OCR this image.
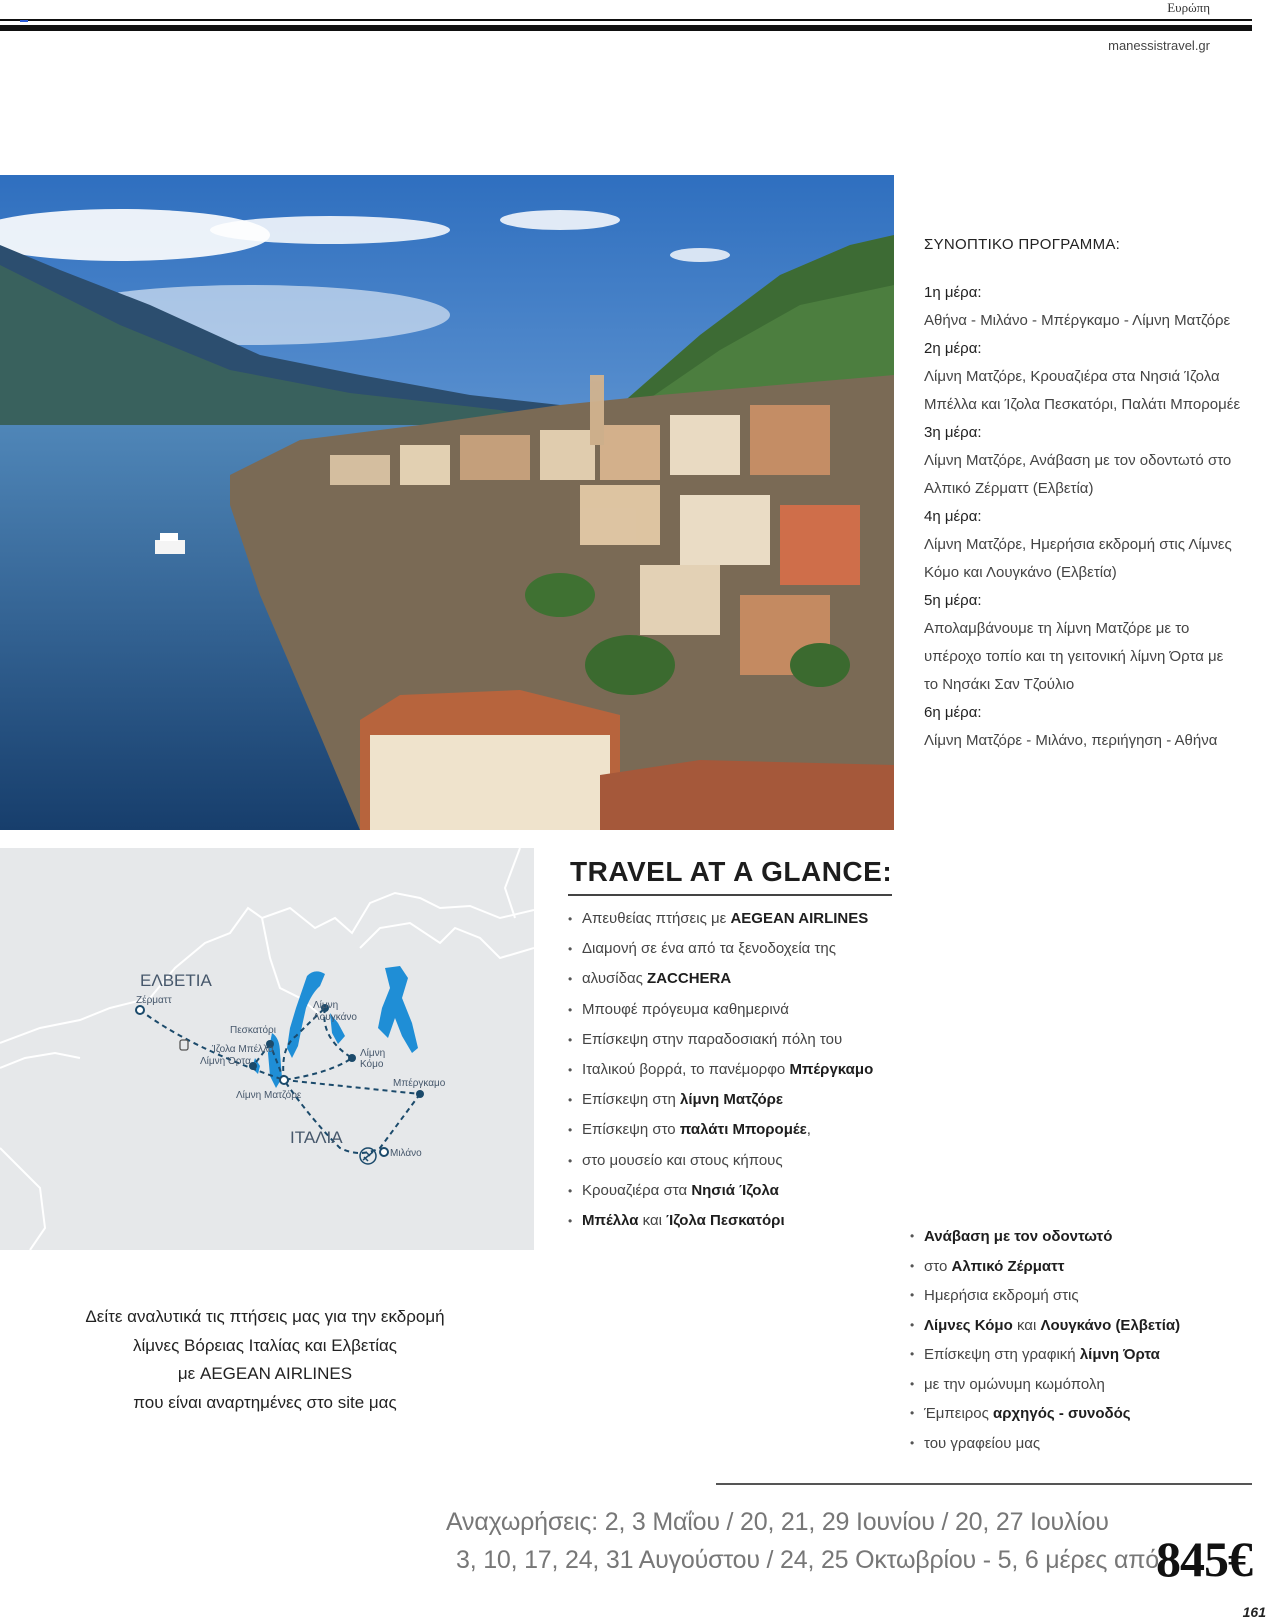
Ευρώπη
manessistravel.gr
ΣΥΝΟΠΤΙΚΟ ΠΡΟΓΡΑΜΜΑ:
1η μέρα:
Αθήνα - Μιλάνο - Μπέργκαμο - Λίμνη Ματζόρε
2η μέρα:
Λίμνη Ματζόρε, Κρουαζιέρα στα Νησιά Ίζολα
Μπέλλα και Ίζολα Πεσκατόρι, Παλάτι Μπορομέε
3η μέρα:
Λίμνη Ματζόρε, Ανάβαση με τον οδοντωτό στο
Αλπικό Ζέρματτ (Ελβετία)
4η μέρα:
Λίμνη Ματζόρε, Ημερήσια εκδρομή στις Λίμνες
Κόμο και Λουγκάνο (Ελβετία)
5η μέρα:
Απολαμβάνουμε τη λίμνη Ματζόρε με το
υπέροχο τοπίο και τη γειτονική λίμνη Όρτα με
το Νησάκι Σαν Τζούλιο
6η μέρα:
Λίμνη Ματζόρε - Μιλάνο, περιήγηση - Αθήνα
ΕΛΒΕΤΙΑ
ΙΤΑΛΙΑ
Ζέρματτ
Πεσκατόρι
Ίζολα Μπέλλα
Λίμνη Όρτα
Λίμνη Ματζόρε
Λίμνη
Λουγκάνο
Λίμνη
Κόμο
Μπέργκαμο
Μιλάνο
TRAVEL AT A GLANCE:
• Απευθείας πτήσεις με AEGEAN AIRLINES
• Διαμονή σε ένα από τα ξενοδοχεία της
• αλυσίδας ZACCHERA
• Μπουφέ πρόγευμα καθημερινά
• Επίσκεψη στην παραδοσιακή πόλη του
• Ιταλικού βορρά, το πανέμορφο Μπέργκαμο
• Επίσκεψη στη λίμνη Ματζόρε
• Επίσκεψη στο παλάτι Μπορομέε,
• στο μουσείο και στους κήπους
• Κρουαζιέρα στα Νησιά Ίζολα
• Μπέλλα και Ίζολα Πεσκατόρι
• Ανάβαση με τον οδοντωτό
• στο Αλπικό Ζέρματτ
• Ημερήσια εκδρομή στις
• Λίμνες Κόμο και Λουγκάνο (Ελβετία)
• Επίσκεψη στη γραφική λίμνη Όρτα
• με την ομώνυμη κωμόπολη
• Έμπειρος αρχηγός - συνοδός
• του γραφείου μας
Δείτε αναλυτικά τις πτήσεις μας για την εκδρομή
λίμνες Βόρειας Ιταλίας και Ελβετίας
με AEGEAN AIRLINES
που είναι αναρτημένες στο site μας
Αναχωρήσεις: 2, 3 Μαΐου / 20, 21, 29 Ιουνίου / 20, 27 Ιουλίου
3, 10, 17, 24, 31 Αυγούστου / 24, 25 Οκτωβρίου - 5, 6 μέρες από
845€
161
